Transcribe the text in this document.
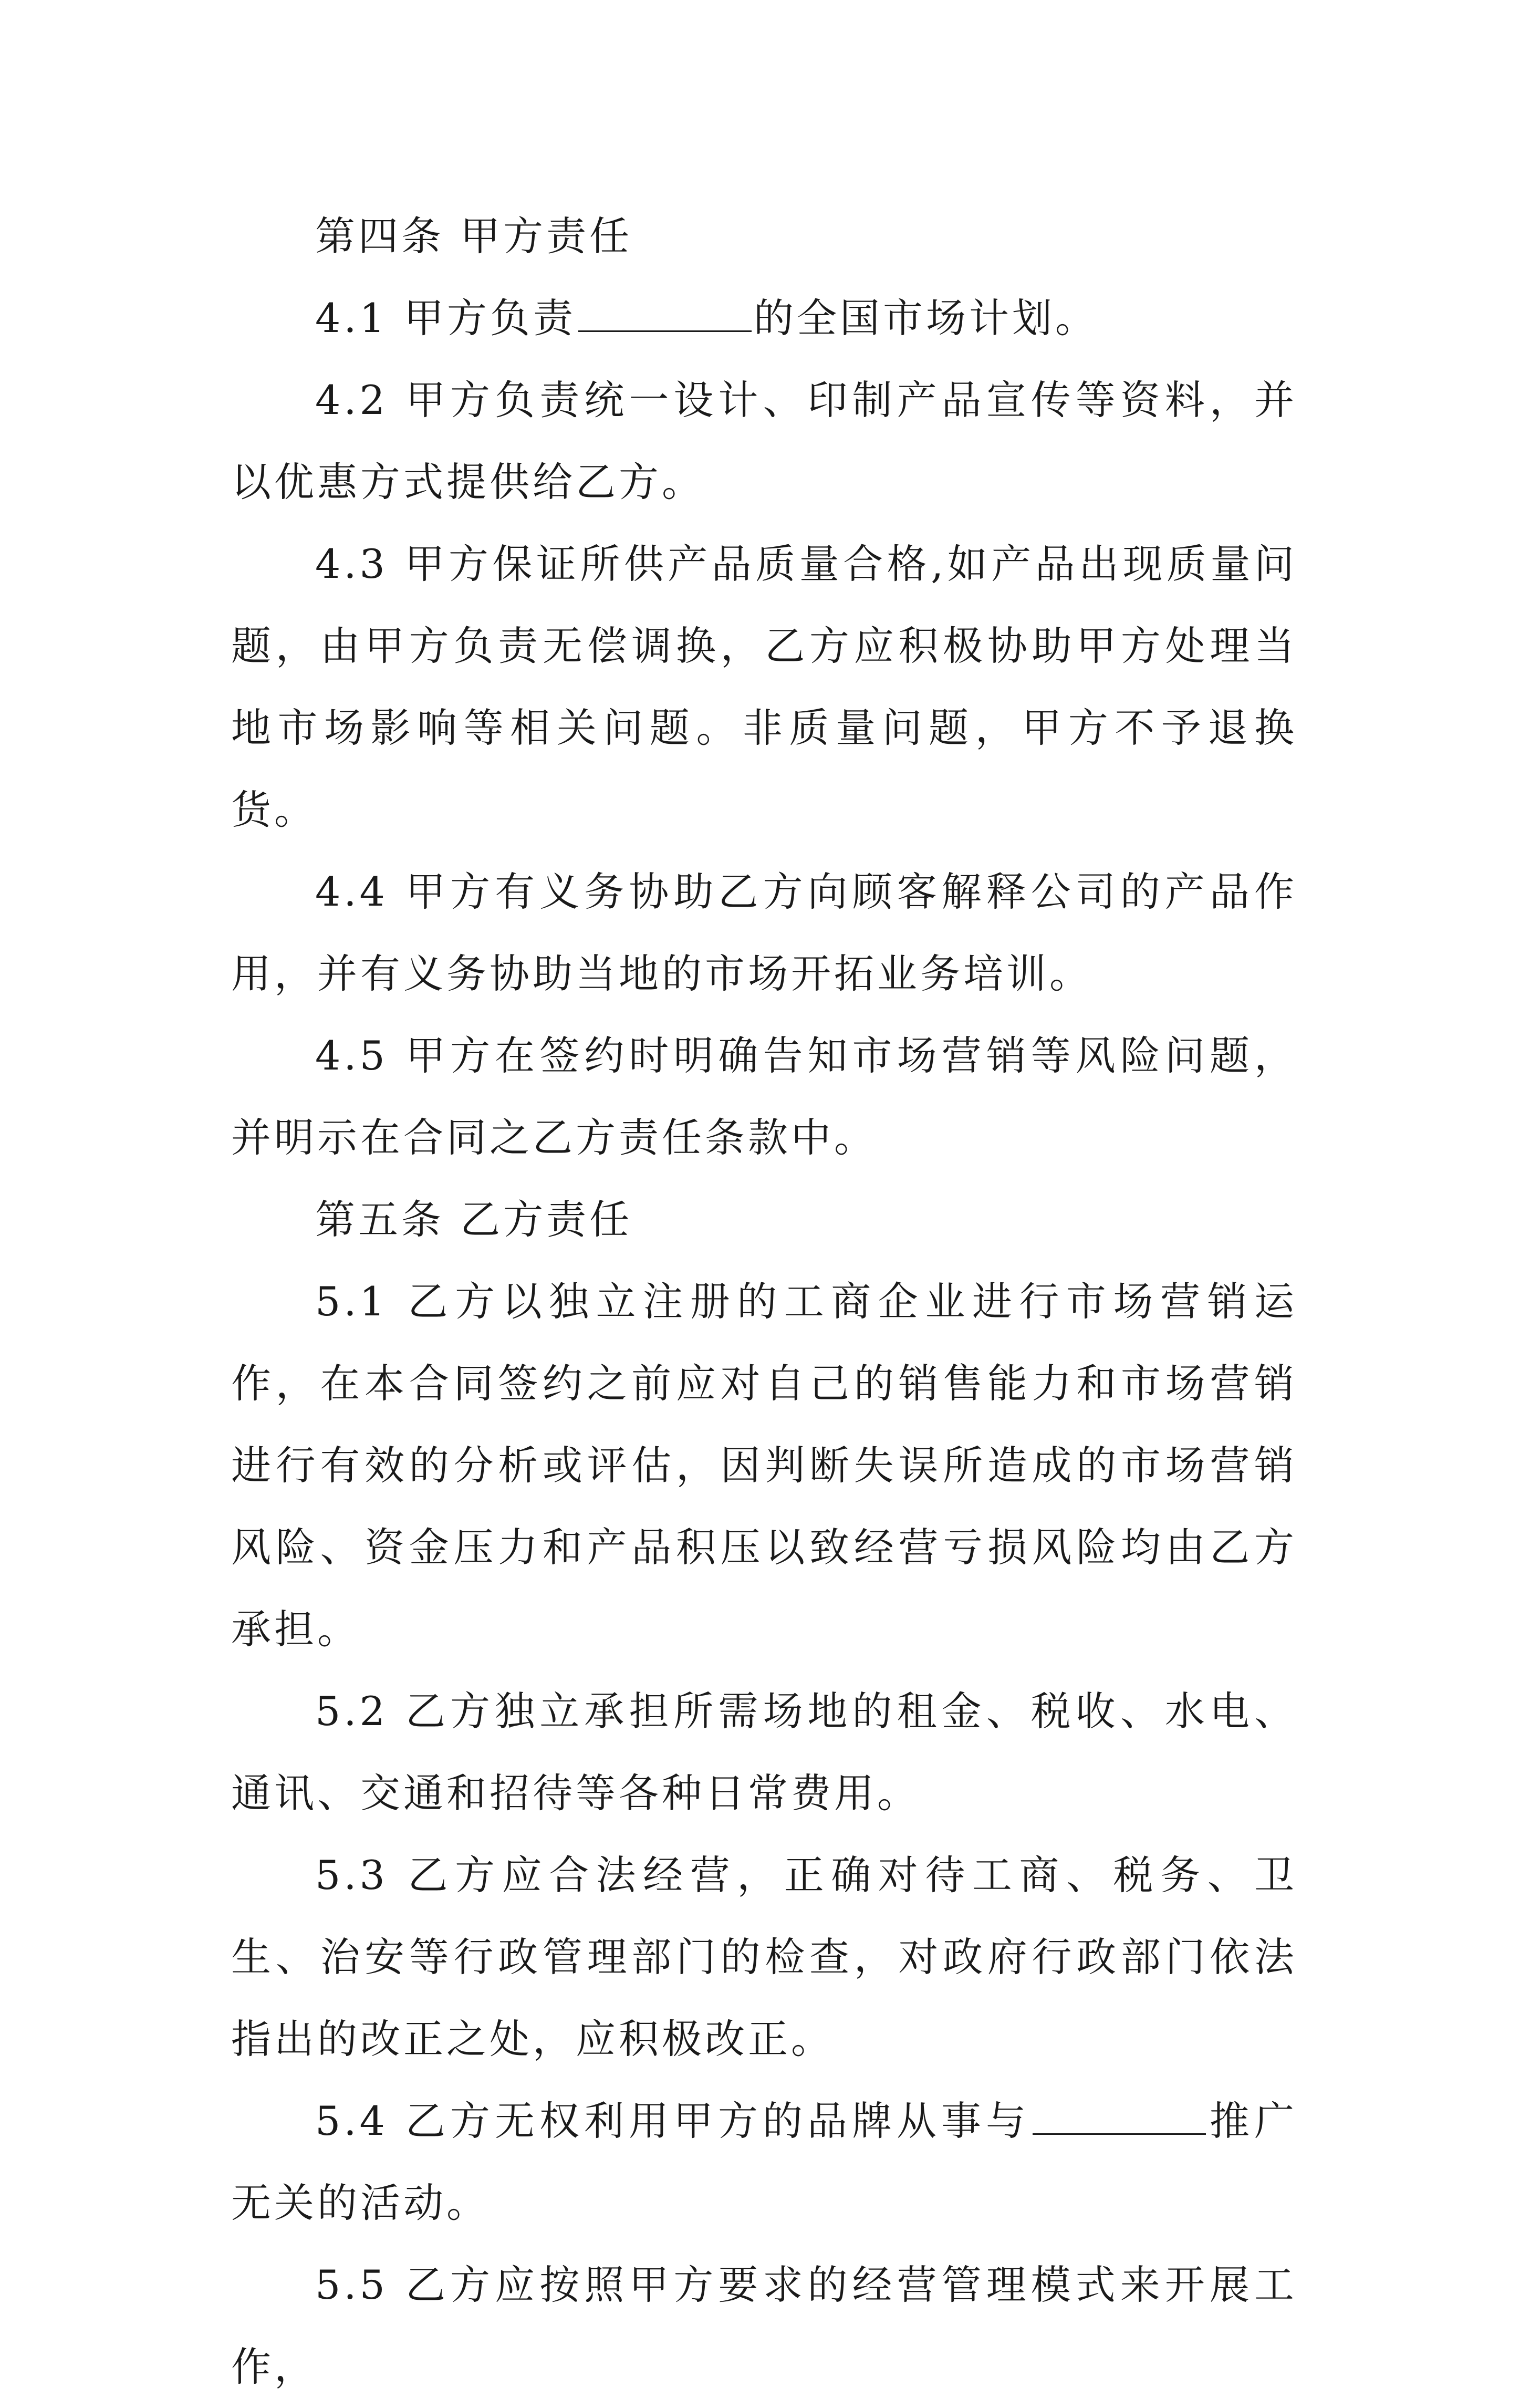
第四条 甲方责任

4.1 甲方负责	的全国市场计划。

4.2 甲方负责统一设计、印制产品宣传等资料，并以优惠方式提供给乙方。

4.3 甲方保证所供产品质量合格,如产品出现质量问题，由甲方负责无偿调换，乙方应积极协助甲方处理当地市场影响等相关问题。非质量问题，甲方不予退换货。

4.4 甲方有义务协助乙方向顾客解释公司的产品作用，并有义务协助当地的市场开拓业务培训。

4.5 甲方在签约时明确告知市场营销等风险问题，并明示在合同之乙方责任条款中。

第五条 乙方责任

5.1 乙方以独立注册的工商企业进行市场营销运作，在本合同签约之前应对自己的销售能力和市场营销进行有效的分析或评估，因判断失误所造成的市场营销风险、资金压力和产品积压以致经营亏损风险均由乙方承担。

5.2 乙方独立承担所需场地的租金、税收、水电、通讯、交通和招待等各种日常费用。

5.3 乙方应合法经营，正确对待工商、税务、卫生、治安等行政管理部门的检查，对政府行政部门依法指出的改正之处，应积极改正。

5.4 乙方无权利用甲方的品牌从事与	推广无关的活动。

5.5 乙方应按照甲方要求的经营管理模式来开展工作，
